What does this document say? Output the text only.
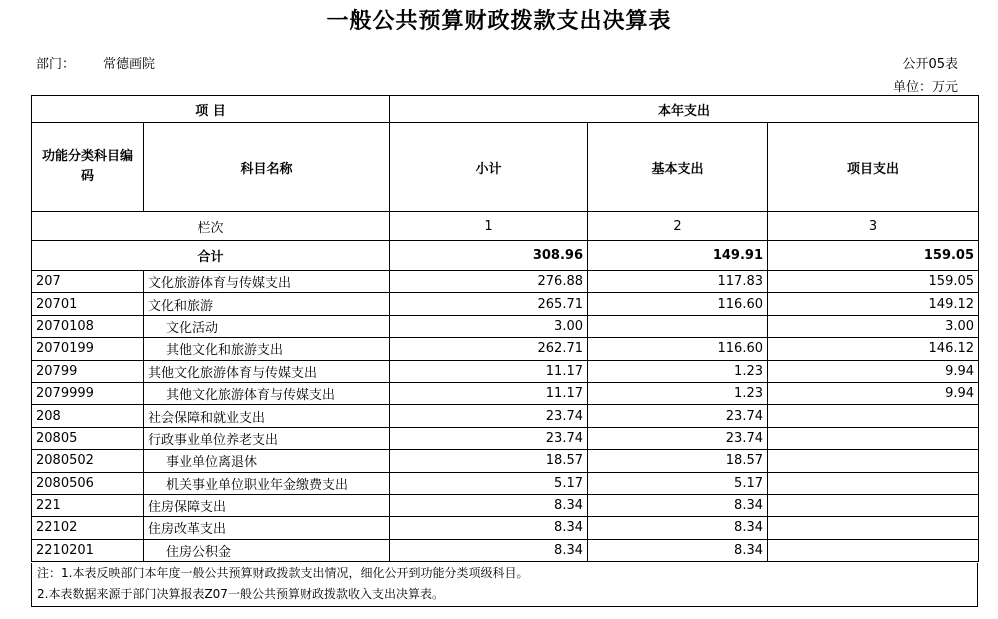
一般公共预算财政拨款支出决算表
部门： 常德画院	公开05表
单位：万元
项 目		本年支出		
功能分类科目编码	科目名称	小计	基本支出	项目支出
栏次		1	2	3
合计		308.96	149.91	159.05
207	文化旅游体育与传媒支出	276.88	117.83	159.05
20701	文化和旅游	265.71	116.60	149.12
2070108	文化活动	3.00		3.00
2070199	其他文化和旅游支出	262.71	116.60	146.12
20799	其他文化旅游体育与传媒支出	11.17	1.23	9.94
2079999	其他文化旅游体育与传媒支出	11.17	1.23	9.94
208	社会保障和就业支出	23.74	23.74	
20805	行政事业单位养老支出	23.74	23.74	
2080502	事业单位离退休	18.57	18.57	
2080506	机关事业单位职业年金缴费支出	5.17	5.17	
221	住房保障支出	8.34	8.34	
22102	住房改革支出	8.34	8.34	
2210201	住房公积金	8.34	8.34	
注：1.本表反映部门本年度一般公共预算财政拨款支出情况，细化公开到功能分类项级科目。
2.本表数据来源于部门决算报表Z07一般公共预算财政拨款收入支出决算表。
